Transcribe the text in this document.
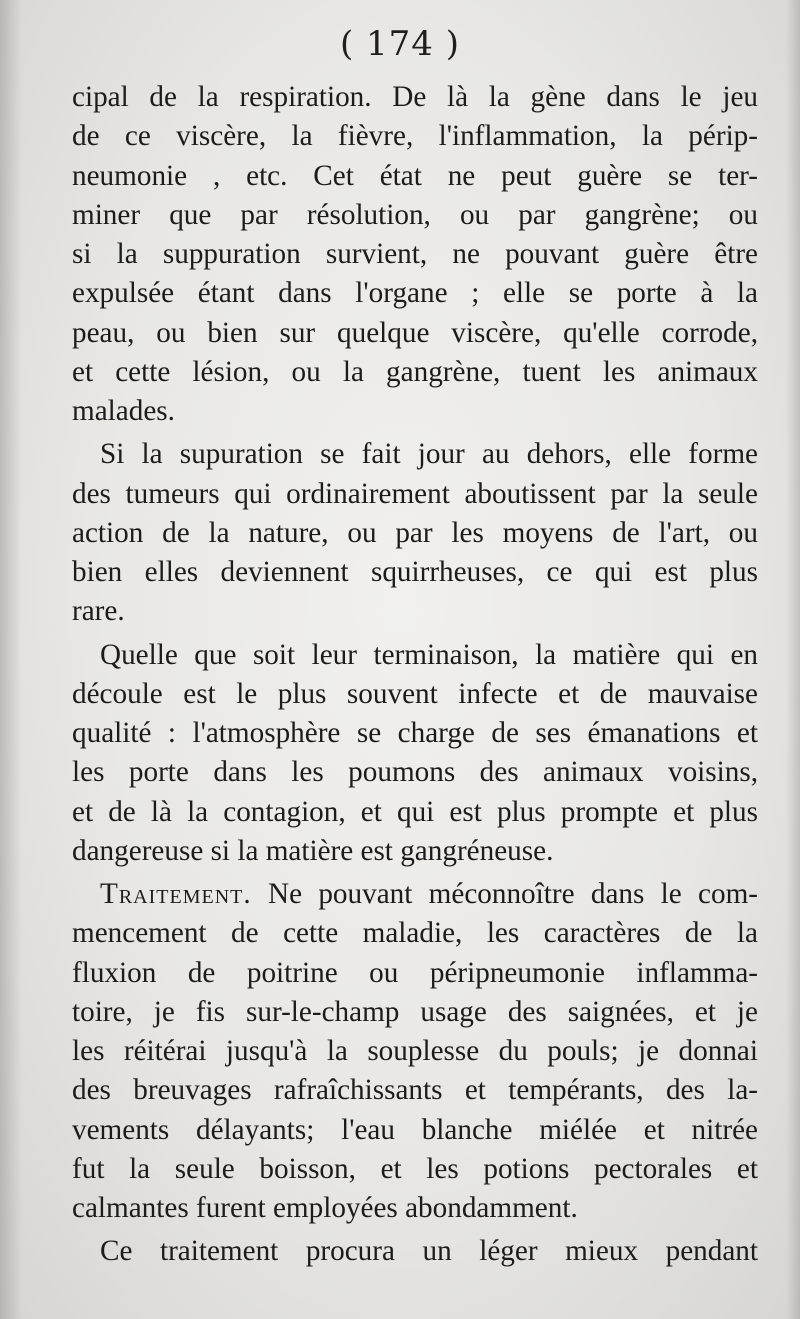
( 174 )
cipal de la respiration. De là la gène dans le jeu
de ce viscère, la fièvre, l'inflammation, la périp-
neumonie , etc. Cet état ne peut guère se ter-
miner que par résolution, ou par gangrène; ou
si la suppuration survient, ne pouvant guère être
expulsée étant dans l'organe ; elle se porte à la
peau, ou bien sur quelque viscère, qu'elle corrode,
et cette lésion, ou la gangrène, tuent les animaux
malades.
Si la supuration se fait jour au dehors, elle forme
des tumeurs qui ordinairement aboutissent par la seule
action de la nature, ou par les moyens de l'art, ou
bien elles deviennent squirrheuses, ce qui est plus
rare.
Quelle que soit leur terminaison, la matière qui en
découle est le plus souvent infecte et de mauvaise
qualité : l'atmosphère se charge de ses émanations et
les porte dans les poumons des animaux voisins,
et de là la contagion, et qui est plus prompte et plus
dangereuse si la matière est gangréneuse.
Traitement. Ne pouvant méconnoître dans le com-
mencement de cette maladie, les caractères de la
fluxion de poitrine ou péripneumonie inflamma-
toire, je fis sur-le-champ usage des saignées, et je
les réitérai jusqu'à la souplesse du pouls; je donnai
des breuvages rafraîchissants et tempérants, des la-
vements délayants; l'eau blanche miélée et nitrée
fut la seule boisson, et les potions pectorales et
calmantes furent employées abondamment.
Ce traitement procura un léger mieux pendant
